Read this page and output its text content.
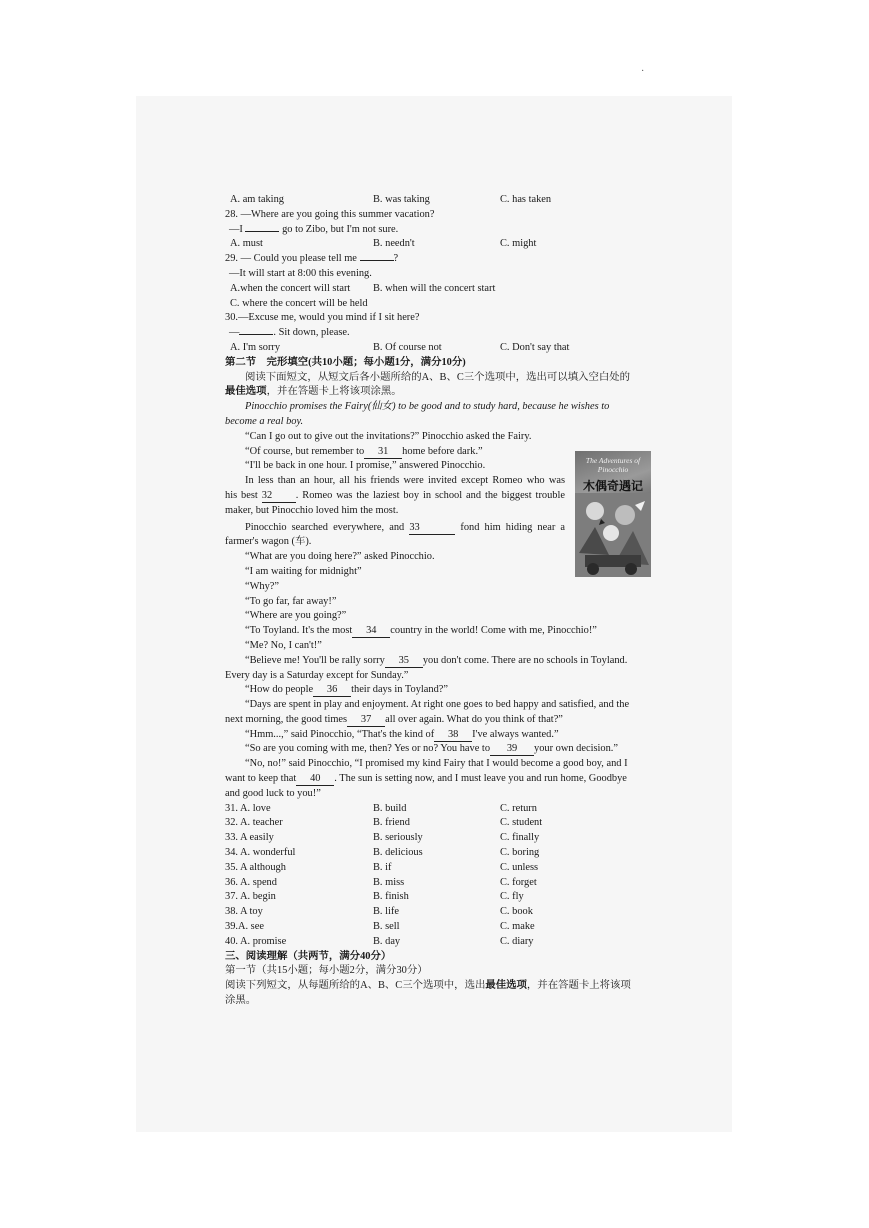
·
A. am taking	B. was taking	C. has taken
28. —Where are you going this summer vacation?
—I	go to Zibo, but I'm not sure.
A. must	B. needn't	C. might
29. — Could you please tell me	?
—It will start at 8:00 this evening.
A.when the concert will start B. when will the concert start
C. where the concert will be held
30.—Excuse me, would you mind if I sit here?
—	. Sit down, please.
A. I'm sorry	B. Of course not	C. Don't say that
第二节　完形填空(共10小题；每小题1分，满分10分)
阅读下面短文，从短文后各小题所给的A、B、C三个选项中，选出可以填入空白处的
最佳选项，并在答题卡上将该项涂黑。
Pinocchio promises the Fairy(仙女) to be good and to study hard, because he wishes to
become a real boy.
“Can I go out to give out the invitations?” Pinocchio asked the Fairy.
“Of course, but remember to 31 home before dark.”
“I'll be back in one hour. I promise,” answered Pinocchio.
In less than an hour, all his friends were invited except Romeo who was
his best 32 . Romeo was the laziest boy in school and the biggest trouble
maker, but Pinocchio loved him the most.
Pinocchio searched everywhere, and 33	fond him hiding near a
farmer's wagon (车).
“What are you doing here?” asked Pinocchio.
“I am waiting for midnight”
“Why?”
“To go far, far away!”
“Where are you going?”
“To Toyland. It's the most 34 country in the world! Come with me, Pinocchio!”
“Me? No, I can't!”
“Believe me! You'll be rally sorry 35 you don't come. There are no schools in Toyland.
Every day is a Saturday except for Sunday.”
“How do people 36 their days in Toyland?”
“Days are spent in play and enjoyment. At right one goes to bed happy and satisfied, and the
next morning, the good times 37 all over again. What do you think of that?”
“Hmm...,” said Pinocchio, “That's the kind of 38 I've always wanted.”
“So are you coming with me, then? Yes or no? You have to 39 your own decision.”
“No, no!” said Pinocchio, “I promised my kind Fairy that I would become a good boy, and I
want to keep that 40 . The sun is setting now, and I must leave you and run home, Goodbye
and good luck to you!”
31. A. love	B. build	C. return
32. A. teacher	B. friend	C. student
33. A easily	B. seriously	C. finally
34. A. wonderful	B. delicious	C. boring
35. A although	B. if	C. unless
36. A. spend	B. miss	C. forget
37. A. begin	B. finish	C. fly
38. A toy	B. life	C. book
39.A. see	B. sell	C. make
40. A. promise	B. day	C. diary
三、阅读理解（共两节，满分40分）
第一节（共15小题；每小题2分，满分30分）
阅读下列短文，从每题所给的A、B、C三个选项中，选出最佳选项，并在答题卡上将该项
涂黑。
The Adventures of Pinocchio
木偶奇遇记
